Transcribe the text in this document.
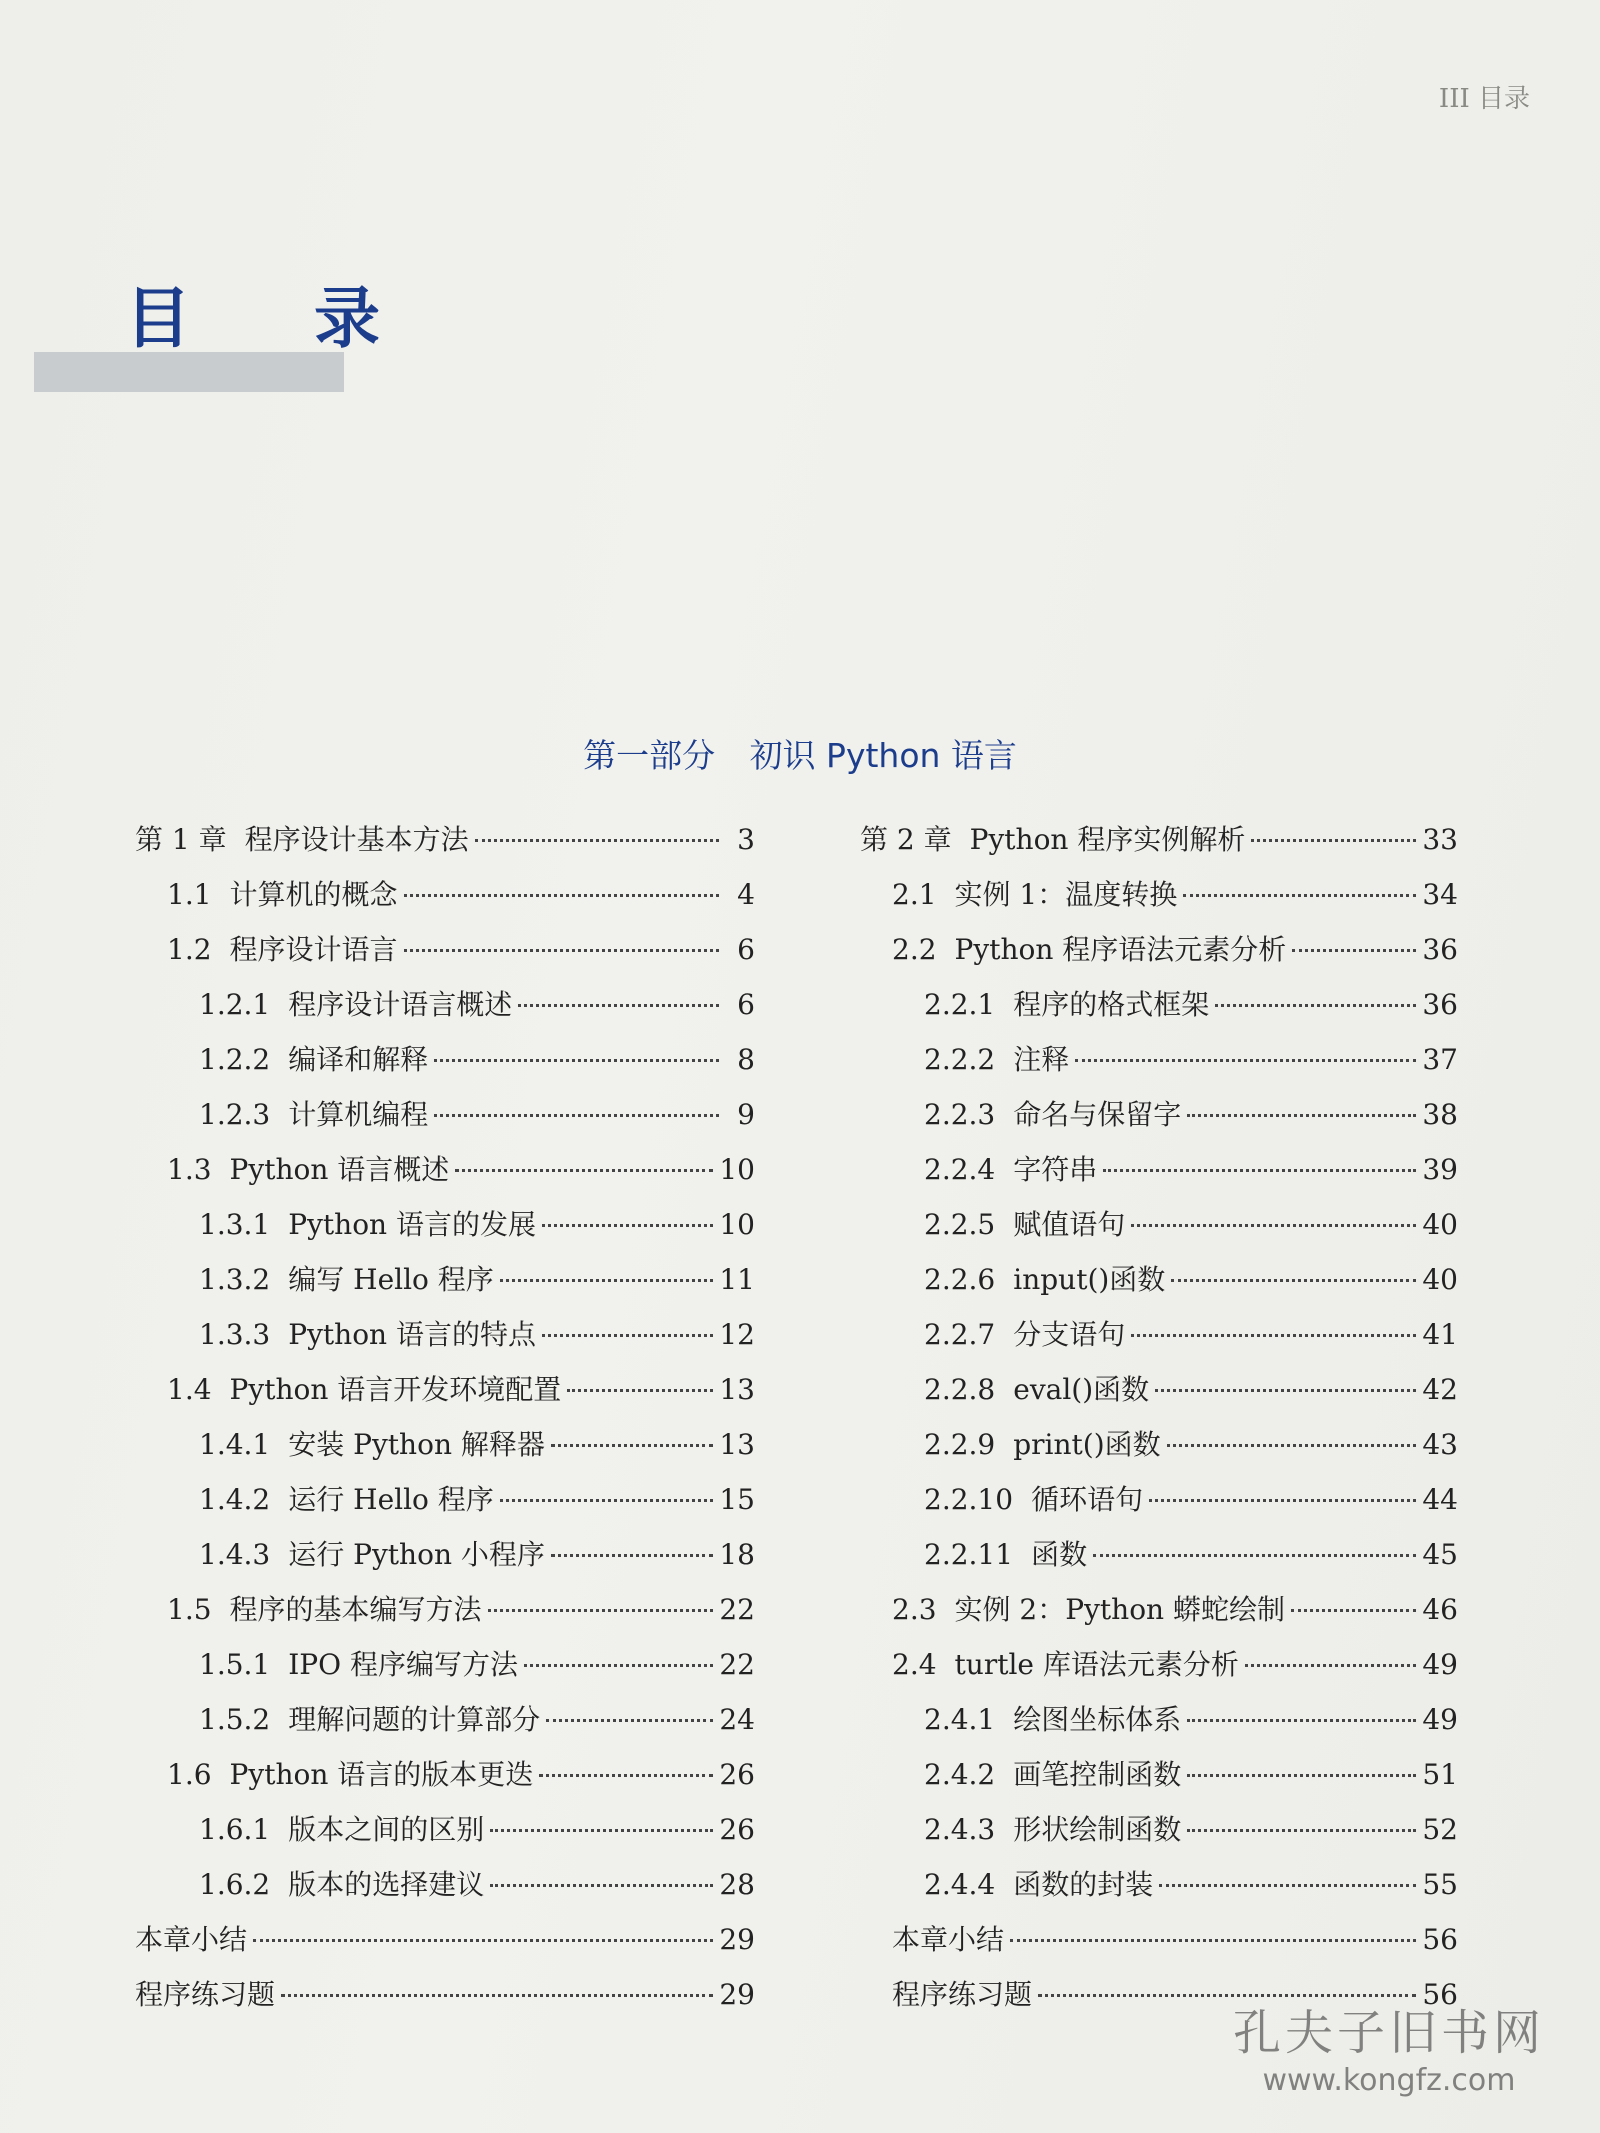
III 目录
目 录
第一部分 初识 Python 语言
第 1 章 程序设计基本方法	3
1.1 计算机的概念	4
1.2 程序设计语言	6
1.2.1 程序设计语言概述	6
1.2.2 编译和解释	8
1.2.3 计算机编程	9
1.3 Python 语言概述	10
1.3.1 Python 语言的发展	10
1.3.2 编写 Hello 程序	11
1.3.3 Python 语言的特点	12
1.4 Python 语言开发环境配置	13
1.4.1 安装 Python 解释器	13
1.4.2 运行 Hello 程序	15
1.4.3 运行 Python 小程序	18
1.5 程序的基本编写方法	22
1.5.1 IPO 程序编写方法	22
1.5.2 理解问题的计算部分	24
1.6 Python 语言的版本更迭	26
1.6.1 版本之间的区别	26
1.6.2 版本的选择建议	28
本章小结	29
程序练习题	29
第 2 章 Python 程序实例解析	33
2.1 实例 1：温度转换	34
2.2 Python 程序语法元素分析	36
2.2.1 程序的格式框架	36
2.2.2 注释	37
2.2.3 命名与保留字	38
2.2.4 字符串	39
2.2.5 赋值语句	40
2.2.6 input()函数	40
2.2.7 分支语句	41
2.2.8 eval()函数	42
2.2.9 print()函数	43
2.2.10 循环语句	44
2.2.11 函数	45
2.3 实例 2：Python 蟒蛇绘制	46
2.4 turtle 库语法元素分析	49
2.4.1 绘图坐标体系	49
2.4.2 画笔控制函数	51
2.4.3 形状绘制函数	52
2.4.4 函数的封装	55
本章小结	56
程序练习题	56
孔夫子旧书网
www.kongfz.com
